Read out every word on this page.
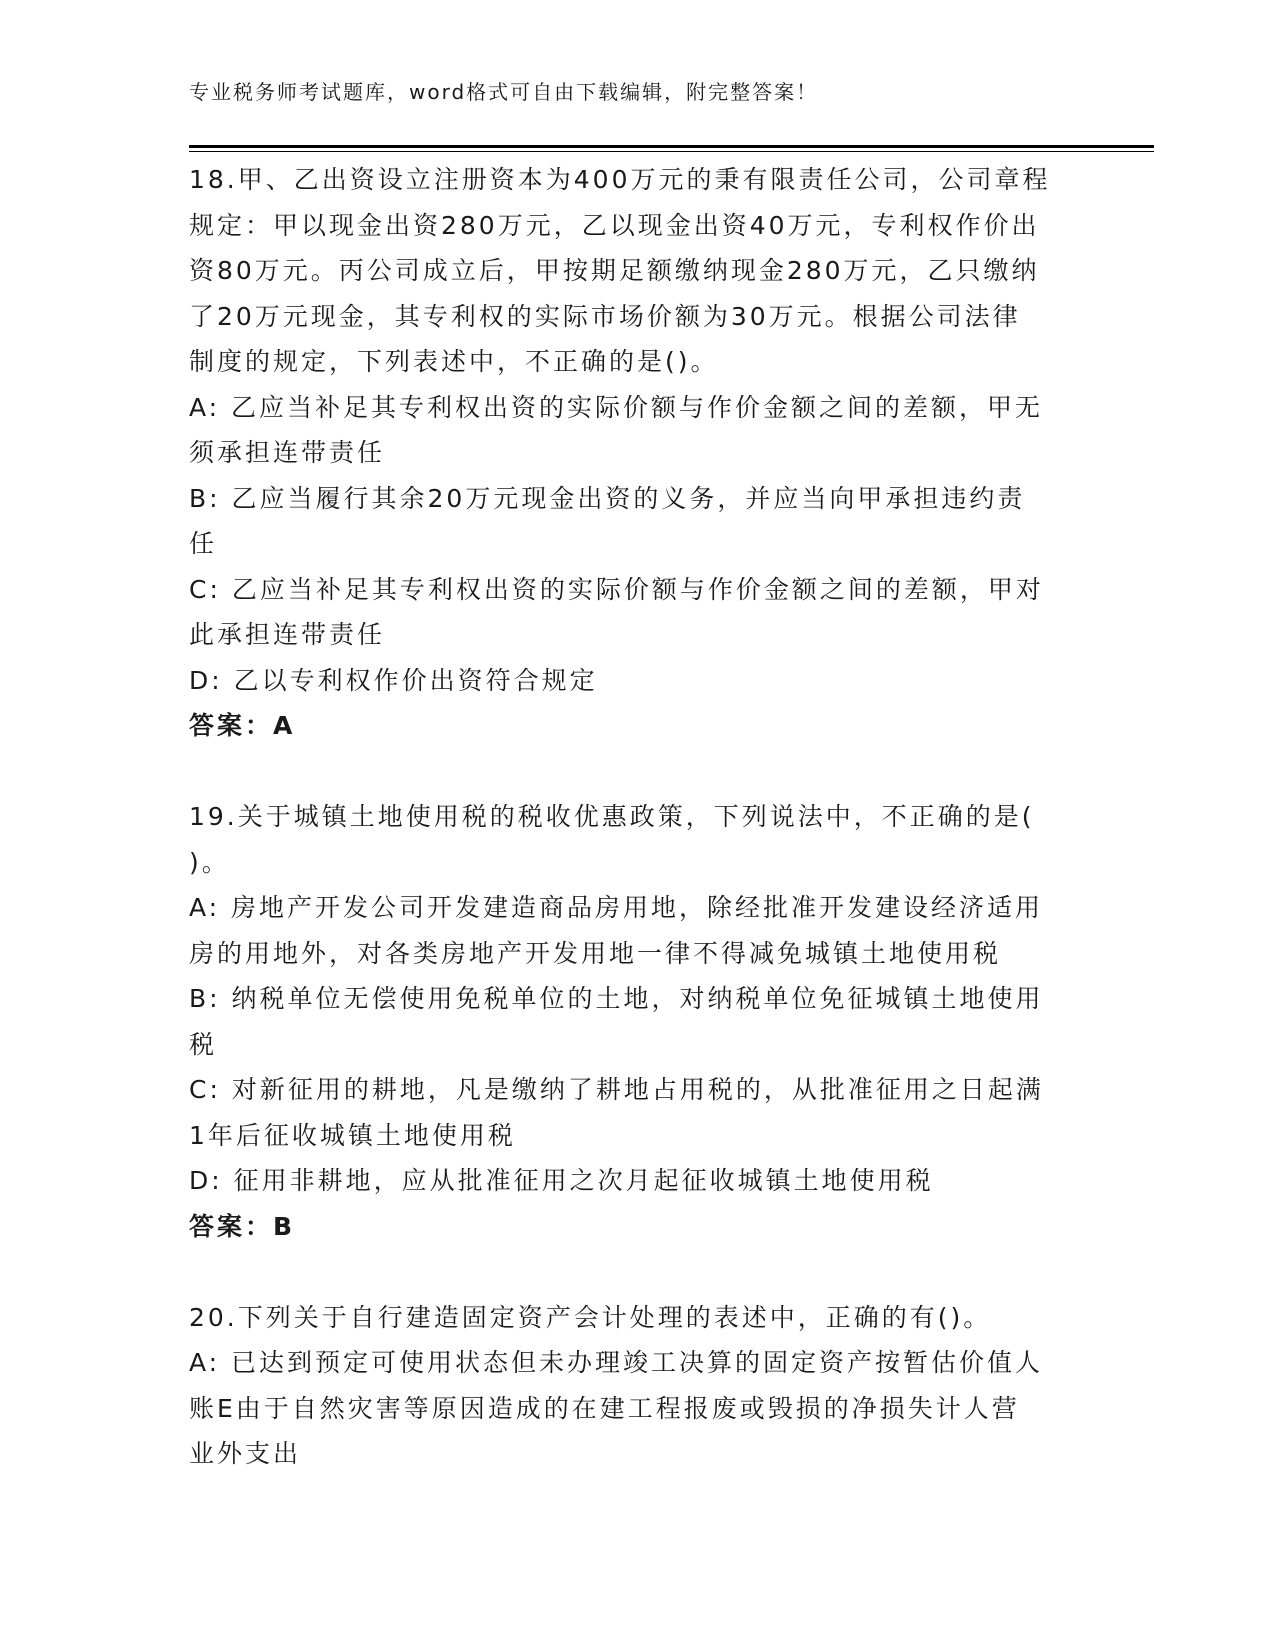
专业税务师考试题库，word格式可自由下载编辑，附完整答案！
18.甲、乙出资设立注册资本为400万元的秉有限责任公司，公司章程
规定：甲以现金出资280万元，乙以现金出资40万元，专利权作价出
资80万元。丙公司成立后，甲按期足额缴纳现金280万元，乙只缴纳
了20万元现金，其专利权的实际市场价额为30万元。根据公司法律
制度的规定，下列表述中，不正确的是()。
A: 乙应当补足其专利权出资的实际价额与作价金额之间的差额，甲无
须承担连带责任
B: 乙应当履行其余20万元现金出资的义务，并应当向甲承担违约责
任
C: 乙应当补足其专利权出资的实际价额与作价金额之间的差额，甲对
此承担连带责任
D: 乙以专利权作价出资符合规定
答案：A
19.关于城镇土地使用税的税收优惠政策，下列说法中，不正确的是(
)。
A: 房地产开发公司开发建造商品房用地，除经批准开发建设经济适用
房的用地外，对各类房地产开发用地一律不得减免城镇土地使用税
B: 纳税单位无偿使用免税单位的土地，对纳税单位免征城镇土地使用
税
C: 对新征用的耕地，凡是缴纳了耕地占用税的，从批准征用之日起满
1年后征收城镇土地使用税
D: 征用非耕地，应从批准征用之次月起征收城镇土地使用税
答案：B
20.下列关于自行建造固定资产会计处理的表述中，正确的有()。
A: 已达到预定可使用状态但未办理竣工决算的固定资产按暂估价值人
账E由于自然灾害等原因造成的在建工程报废或毁损的净损失计人营
业外支出
